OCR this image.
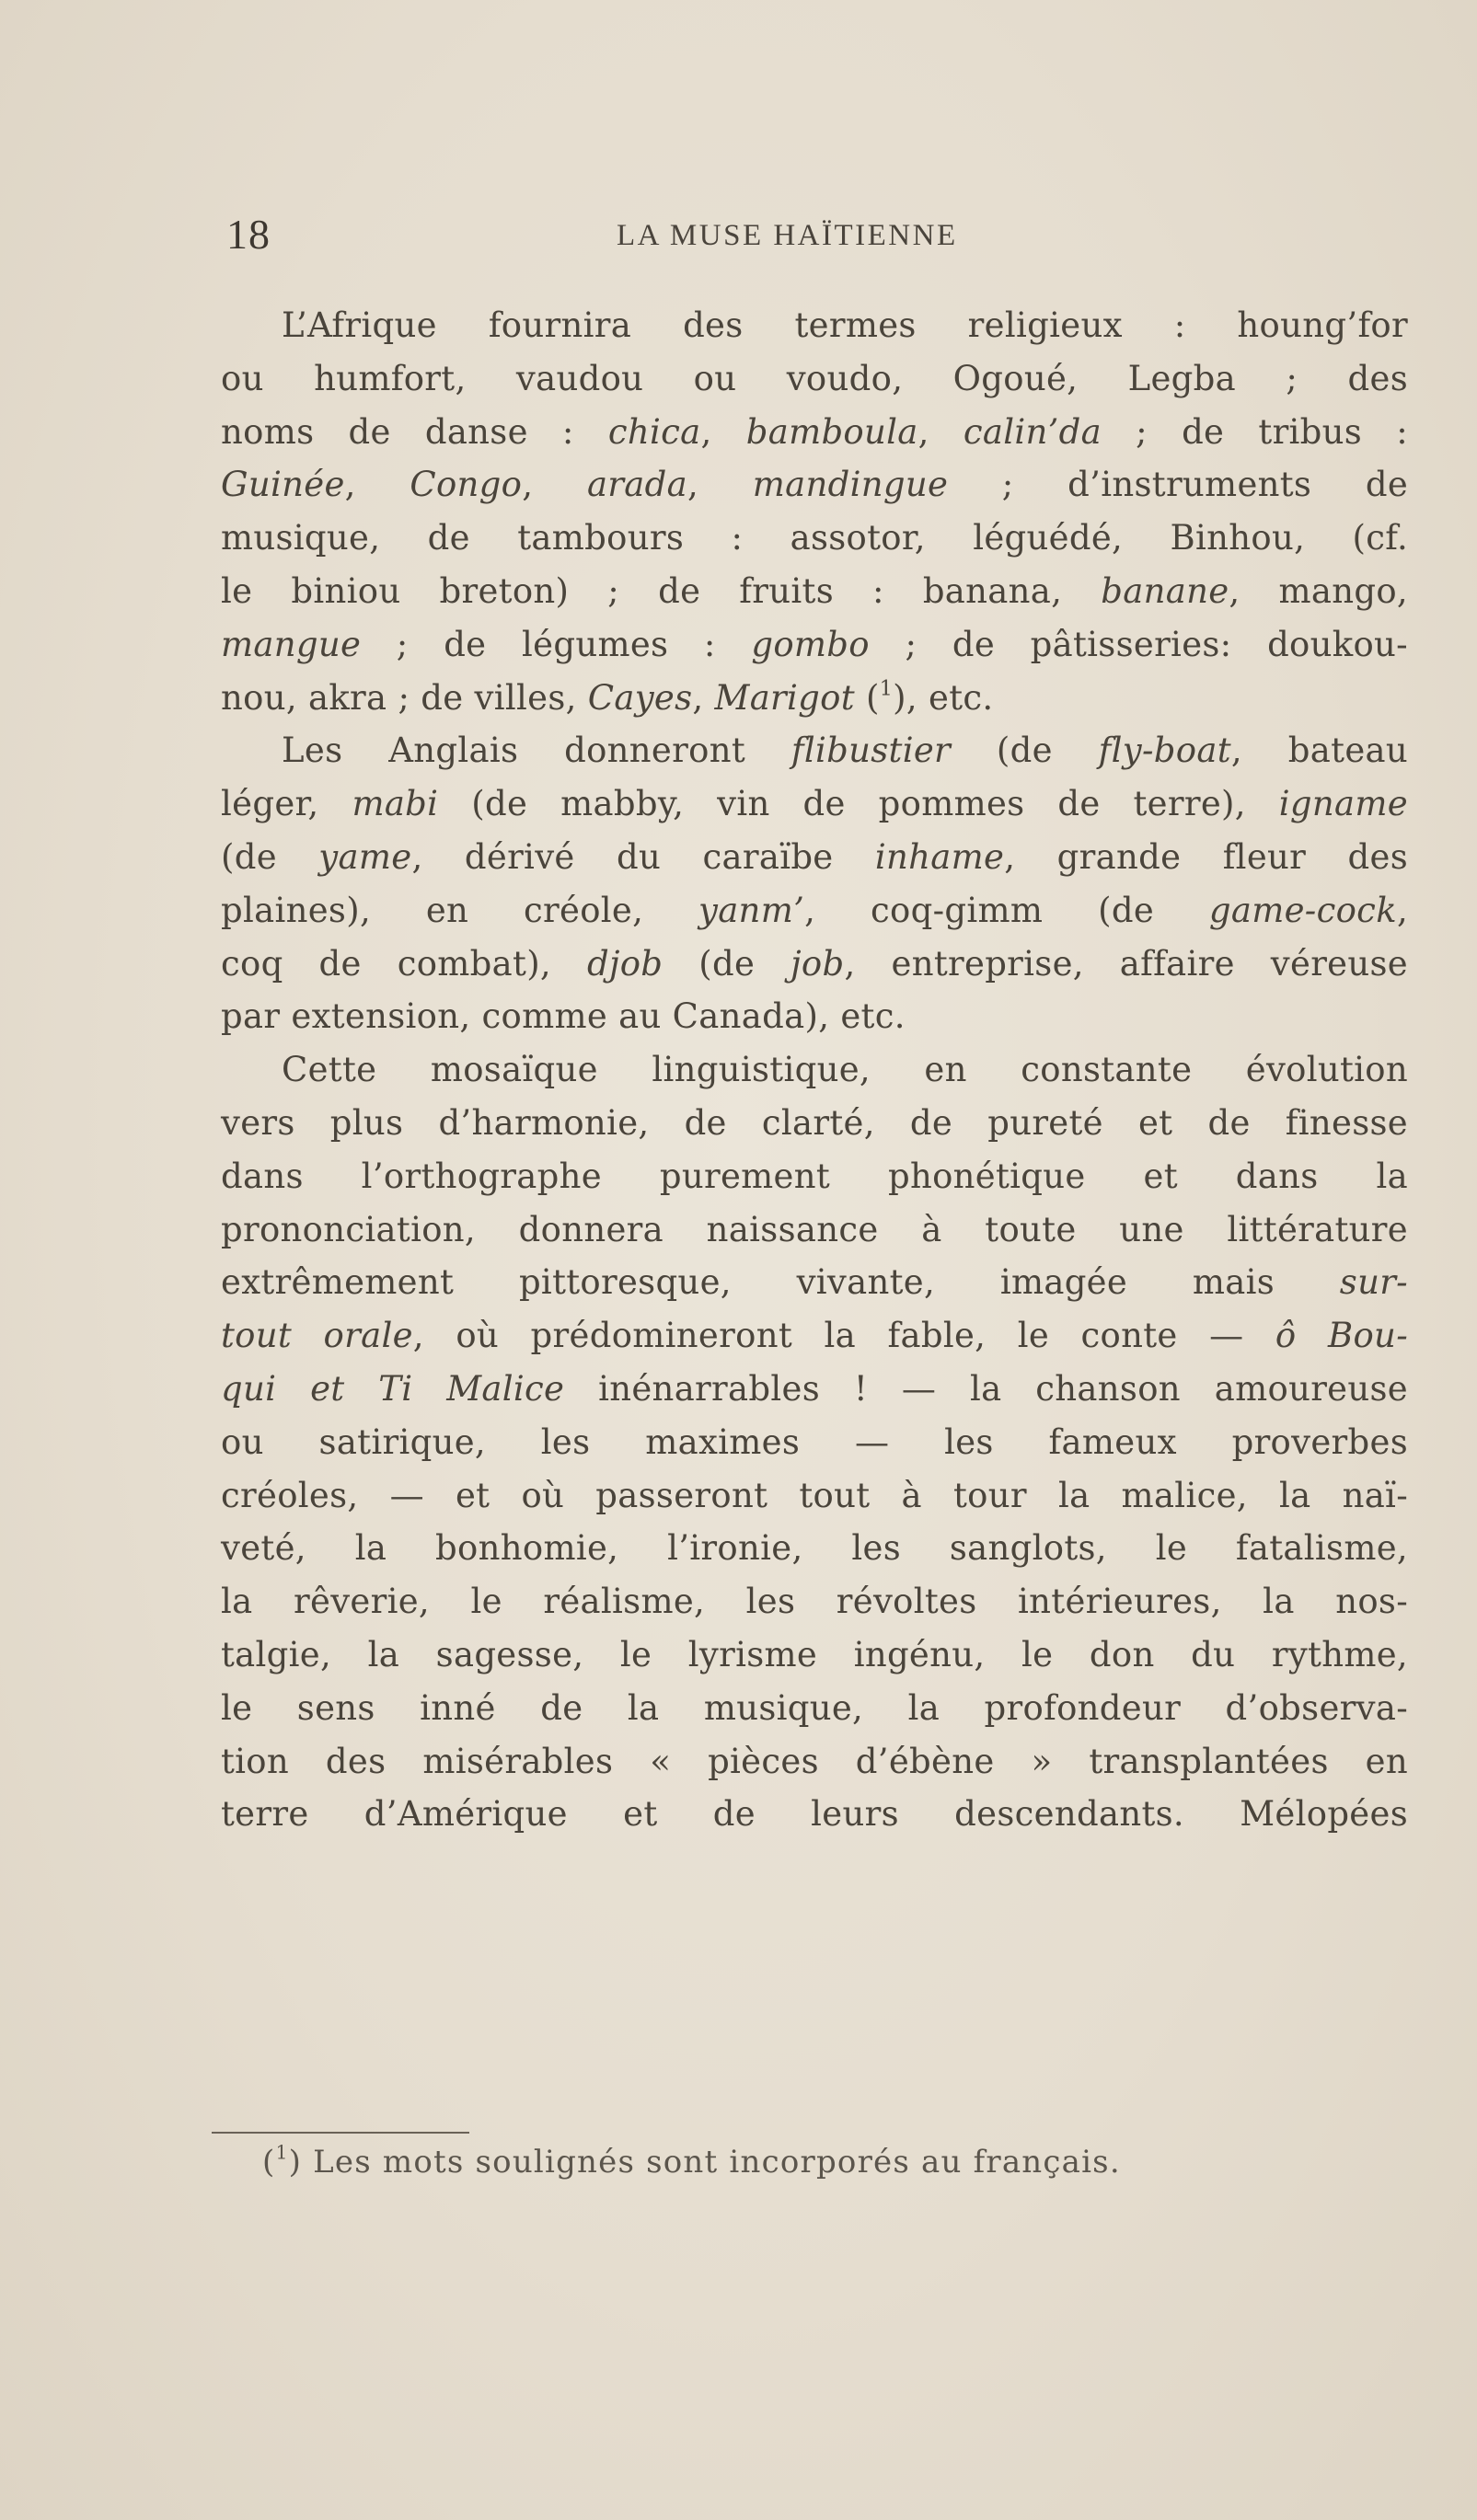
18	LA MUSE HAÏTIENNE
L’Afrique fournira des termes religieux : houng’for
ou humfort, vaudou ou voudo, Ogoué, Legba ; des
noms de danse : chica, bamboula, calin’da ; de tribus :
Guinée, Congo, arada, mandingue ; d’instruments de
musique, de tambours : assotor, léguédé, Binhou, (cf.
le biniou breton) ; de fruits : banana, banane, mango,
mangue ; de légumes : gombo ; de pâtisseries: doukou-
nou, akra ; de villes, Cayes, Marigot ($^1$), etc.
Les Anglais donneront flibustier (de fly-boat, bateau
léger, mabi (de mabby, vin de pommes de terre), igname
(de yame, dérivé du caraïbe inhame, grande fleur des
plaines), en créole, yanm’, coq-gimm (de game-cock,
coq de combat), djob (de job, entreprise, affaire véreuse
par extension, comme au Canada), etc.
Cette mosaïque linguistique, en constante évolution
vers plus d’harmonie, de clarté, de pureté et de finesse
dans l’orthographe purement phonétique et dans la
prononciation, donnera naissance à toute une littérature
extrêmement pittoresque, vivante, imagée mais sur-
tout orale, où prédomineront la fable, le conte — ô Bou-
qui et Ti Malice inénarrables ! — la chanson amoureuse
ou satirique, les maximes — les fameux proverbes
créoles, — et où passeront tout à tour la malice, la naï-
veté, la bonhomie, l’ironie, les sanglots, le fatalisme,
la rêverie, le réalisme, les révoltes intérieures, la nos-
talgie, la sagesse, le lyrisme ingénu, le don du rythme,
le sens inné de la musique, la profondeur d’observa-
tion des misérables « pièces d’ébène » transplantées en
terre d’Amérique et de leurs descendants. Mélopées
($^1$) Les mots soulignés sont incorporés au français.
